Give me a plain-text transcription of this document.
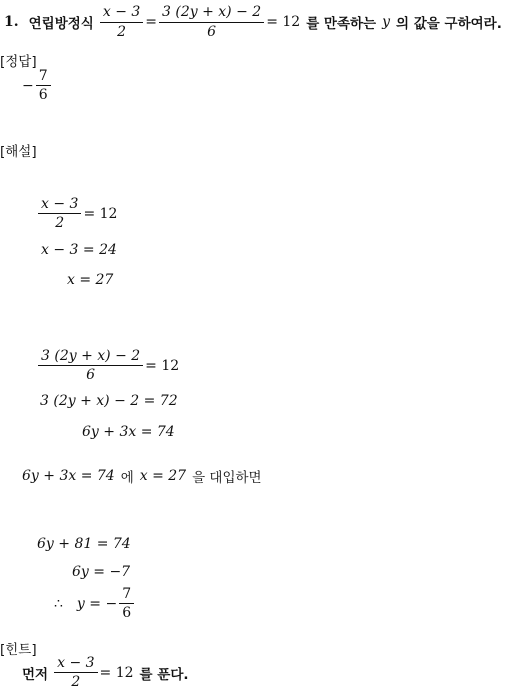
1. 연립방정식 $\frac{x - 3}{2} = \frac{3 (2y + x) - 2}{6} = 12$ 를 만족하는 y 의 값을 구하여라.
[정답]
− $\frac{7}{6}$
[해설]
$\frac{x - 3}{2} = 12$
x − 3 = 24
x = 27
$\frac{3 (2y + x) - 2}{6} = 12$
3 (2y + x) − 2 = 72
6y + 3x = 74
6y + 3x = 74 에 x = 27 을 대입하면
6y + 81 = 74
6y = −7
∴ y = − $\frac{7}{6}$
[힌트]
먼저 $\frac{x - 3}{2} = 12$ 를 푼다.
